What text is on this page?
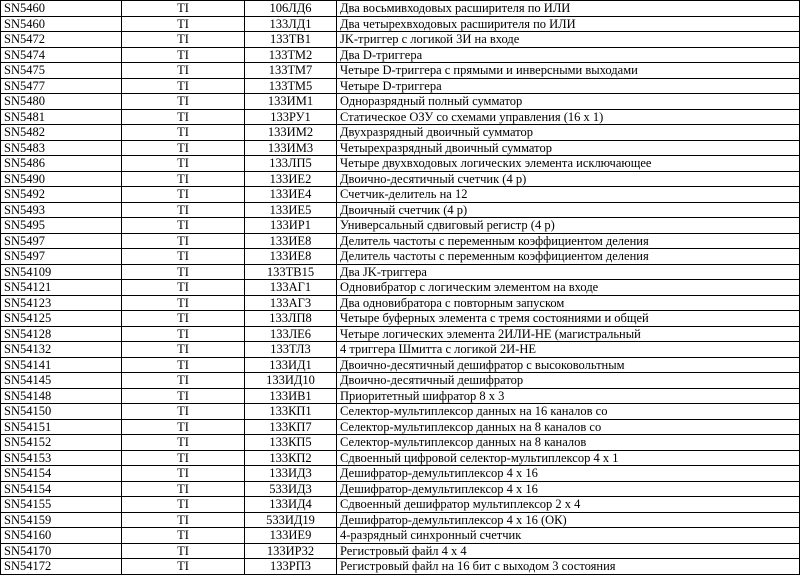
SN5460	TI	106ЛД6	Два восьмивходовых расширителя по ИЛИ
SN5460	TI	133ЛД1	Два четырехвходовых расширителя по ИЛИ
SN5472	TI	133ТВ1	JK-триггер с логикой 3И на входе
SN5474	TI	133ТМ2	Два D-триггера
SN5475	TI	133ТМ7	Четыре D-триггера с прямыми и инверсными выходами
SN5477	TI	133ТМ5	Четыре D-триггера
SN5480	TI	133ИМ1	Одноразрядный полный сумматор
SN5481	TI	133РУ1	Статическое ОЗУ со схемами управления (16 x 1)
SN5482	TI	133ИМ2	Двухразрядный двоичный сумматор
SN5483	TI	133ИМ3	Четырехразрядный двоичный сумматор
SN5486	TI	133ЛП5	Четыре двухвходовых логических элемента исключающее
SN5490	TI	133ИЕ2	Двоично-десятичный счетчик (4 р)
SN5492	TI	133ИЕ4	Счетчик-делитель на 12
SN5493	TI	133ИЕ5	Двоичный счетчик (4 р)
SN5495	TI	133ИР1	Универсальный сдвиговый регистр (4 р)
SN5497	TI	133ИЕ8	Делитель частоты с переменным коэффициентом деления
SN5497	TI	133ИЕ8	Делитель частоты с переменным коэффициентом деления
SN54109	TI	133ТВ15	Два JK-триггера
SN54121	TI	133АГ1	Одновибратор с логическим элементом на входе
SN54123	TI	133АГ3	Два одновибратора с повторным запуском
SN54125	TI	133ЛП8	Четыре буферных элемента с тремя состояниями и общей
SN54128	TI	133ЛЕ6	Четыре логических элемента 2ИЛИ-НЕ (магистральный
SN54132	TI	133ТЛ3	4 триггера Шмитта с логикой 2И-НЕ
SN54141	TI	133ИД1	Двоично-десятичный дешифратор с высоковольтным
SN54145	TI	133ИД10	Двоично-десятичный дешифратор
SN54148	TI	133ИВ1	Приоритетный шифратор 8 x 3
SN54150	TI	133КП1	Селектор-мультиплексор данных на 16 каналов со
SN54151	TI	133КП7	Селектор-мультиплексор данных на 8 каналов со
SN54152	TI	133КП5	Селектор-мультиплексор данных на 8 каналов
SN54153	TI	133КП2	Сдвоенный цифровой селектор-мультиплексор 4 x 1
SN54154	TI	133ИД3	Дешифратор-демультиплексор 4 x 16
SN54154	TI	533ИД3	Дешифратор-демультиплексор 4 x 16
SN54155	TI	133ИД4	Сдвоенный дешифратор мультиплексор 2 x 4
SN54159	TI	533ИД19	Дешифратор-демультиплексор 4 x 16 (ОК)
SN54160	TI	133ИЕ9	4-разрядный синхронный счетчик
SN54170	TI	133ИР32	Регистровый файл 4 x 4
SN54172	TI	133РП3	Регистровый файл на 16 бит с выходом 3 состояния
